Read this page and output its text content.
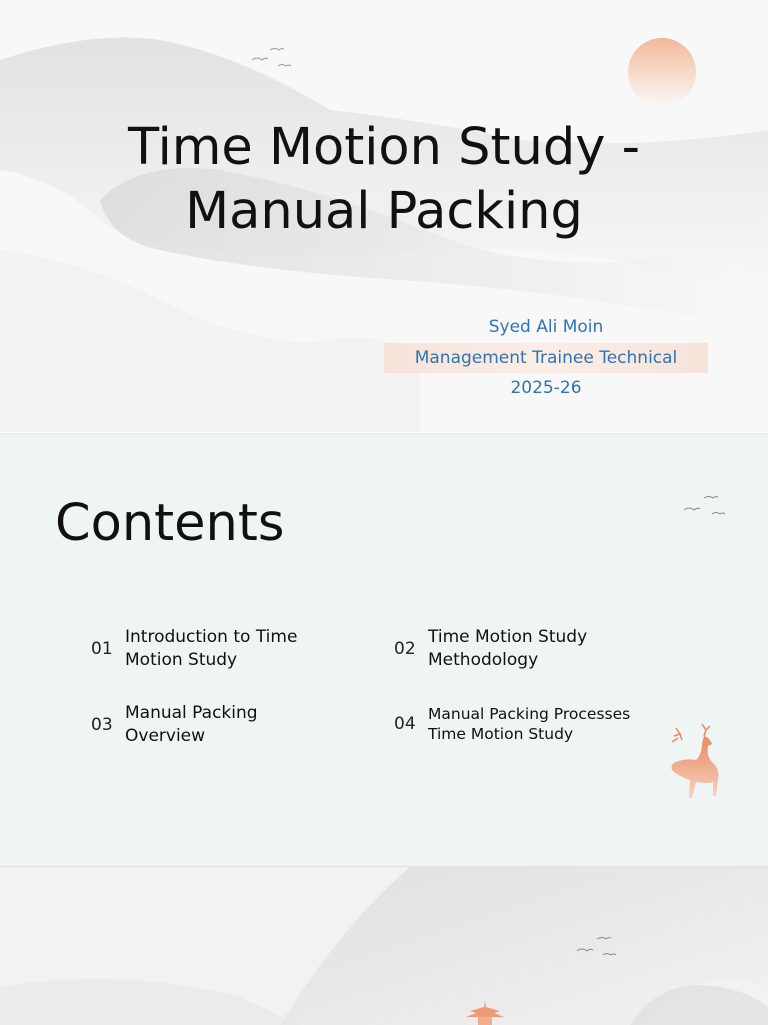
Time Motion Study - Manual Packing
Syed Ali Moin
Management Trainee Technical
2025-26
Contents
01
Introduction to Time
Motion Study
02
Time Motion Study
Methodology
03
Manual Packing
Overview
04 Manual Packing Processes
Time Motion Study
